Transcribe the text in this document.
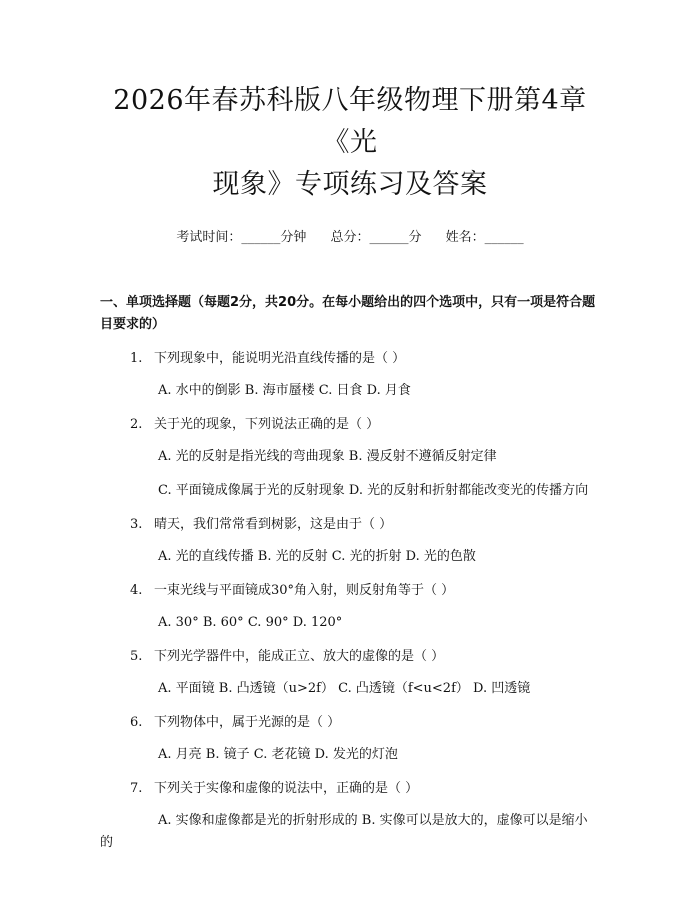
2026年春苏科版八年级物理下册第4章《光
现象》专项练习及答案
考试时间：______分钟 总分：______分 姓名：______
一、单项选择题（每题2分，共20分。在每小题给出的四个选项中，只有一项是符合题目要求的）
1. 下列现象中，能说明光沿直线传播的是（ ）
A. 水中的倒影 B. 海市蜃楼 C. 日食 D. 月食
2. 关于光的现象，下列说法正确的是（ ）
A. 光的反射是指光线的弯曲现象 B. 漫反射不遵循反射定律
C. 平面镜成像属于光的反射现象 D. 光的反射和折射都能改变光的传播方向
3. 晴天，我们常常看到树影，这是由于（ ）
A. 光的直线传播 B. 光的反射 C. 光的折射 D. 光的色散
4. 一束光线与平面镜成30°角入射，则反射角等于（ ）
A. 30° B. 60° C. 90° D. 120°
5. 下列光学器件中，能成正立、放大的虚像的是（ ）
A. 平面镜 B. 凸透镜（u>2f） C. 凸透镜（f<u<2f） D. 凹透镜
6. 下列物体中，属于光源的是（ ）
A. 月亮 B. 镜子 C. 老花镜 D. 发光的灯泡
7. 下列关于实像和虚像的说法中，正确的是（ ）
A. 实像和虚像都是光的折射形成的 B. 实像可以是放大的，虚像可以是缩小的
